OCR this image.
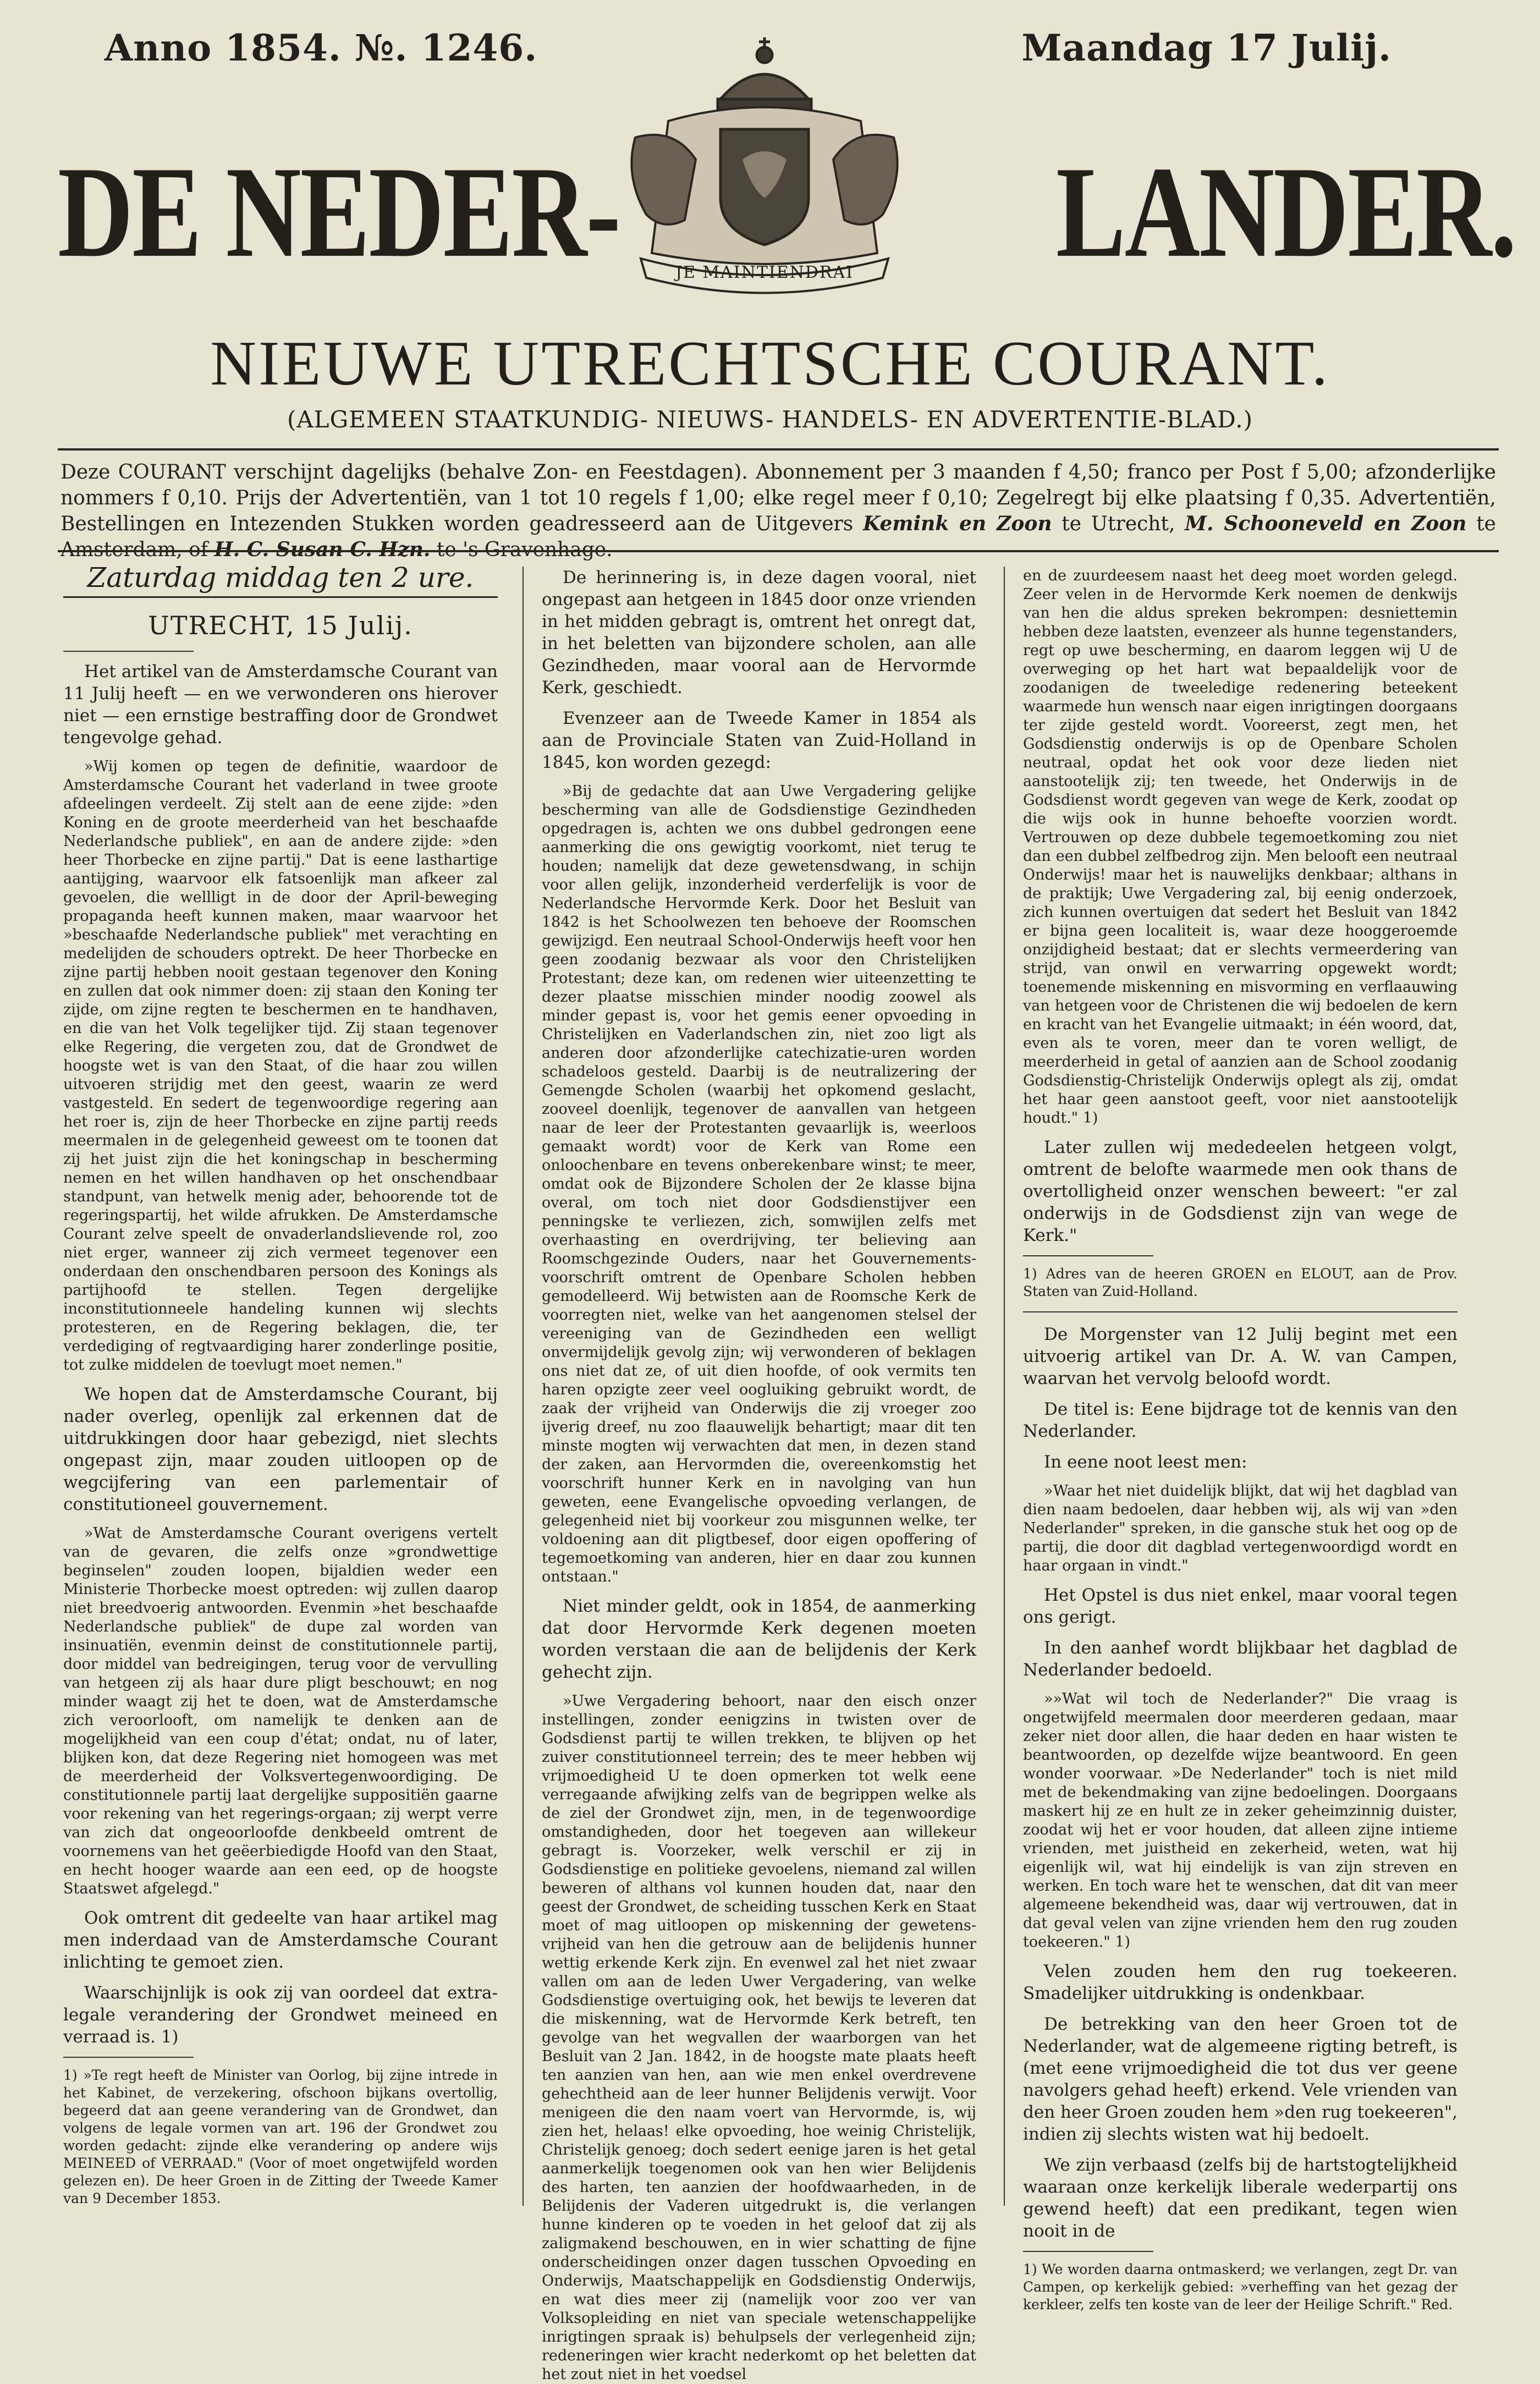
Anno 1854. №. 1246.	Maandag 17 Julij.
DE NEDER-	LANDER.
JE MAINTIENDRAI
NIEUWE UTRECHTSCHE COURANT.
(ALGEMEEN STAATKUNDIG- NIEUWS- HANDELS- EN ADVERTENTIE-BLAD.)
Deze COURANT verschijnt dagelijks (behalve Zon- en Feestdagen). Abonnement per 3 maanden f 4,50; franco per Post f 5,00; afzonderlijke nommers f 0,10. Prijs der Advertentiën, van 1 tot 10 regels f 1,00; elke regel meer f 0,10; Zegelregt bij elke plaatsing f 0,35. Advertentiën, Bestellingen en Intezenden Stukken worden geadresseerd aan de Uitgevers Kemink en Zoon te Utrecht, M. Schooneveld en Zoon te Amsterdam, of H. C. Susan C. Hzn. te 's Gravenhage.

Zaturdag middag ten 2 ure.

UTRECHT, 15 Julij.

Het artikel van de Amsterdamsche Courant van 11 Julij heeft — en we verwonderen ons hierover niet — een ernstige bestraffing door de Grondwet tengevolge gehad.

»Wij komen op tegen de definitie, waardoor de Amsterdamsche Courant het vaderland in twee groote afdeelingen verdeelt. Zij stelt aan de eene zijde: »den Koning en de groote meerderheid van het beschaafde Nederlandsche publiek", en aan de andere zijde: »den heer Thorbecke en zijne partij." Dat is eene lasthartige aantijging, waarvoor elk fatsoenlijk man afkeer zal gevoelen, die wellligt in de door der April-beweging propaganda heeft kunnen maken, maar waarvoor het »beschaafde Nederlandsche publiek" met verachting en medelijden de schouders optrekt. De heer Thorbecke en zijne partij hebben nooit gestaan tegenover den Koning en zullen dat ook nimmer doen: zij staan den Koning ter zijde, om zijne regten te beschermen en te handhaven, en die van het Volk tegelijker tijd. Zij staan tegenover elke Regering, die vergeten zou, dat de Grondwet de hoogste wet is van den Staat, of die haar zou willen uitvoeren strijdig met den geest, waarin ze werd vastgesteld. En sedert de tegenwoordige regering aan het roer is, zijn de heer Thorbecke en zijne partij reeds meermalen in de gelegenheid geweest om te toonen dat zij het juist zijn die het koningschap in bescherming nemen en het willen handhaven op het onschendbaar standpunt, van hetwelk menig ader, behoorende tot de regeringspartij, het wilde afrukken. De Amsterdamsche Courant zelve speelt de onvaderlandslievende rol, zoo niet erger, wanneer zij zich vermeet tegenover een onderdaan den onschendbaren persoon des Konings als partijhoofd te stellen. Tegen dergelijke inconstitutionneele handeling kunnen wij slechts protesteren, en de Regering beklagen, die, ter verdediging of regtvaardiging harer zonderlinge positie, tot zulke middelen de toevlugt moet nemen."

We hopen dat de Amsterdamsche Courant, bij nader overleg, openlijk zal erkennen dat de uitdrukkingen door haar gebezigd, niet slechts ongepast zijn, maar zouden uitloopen op de wegcijfering van een parlementair of constitutioneel gouvernement.

»Wat de Amsterdamsche Courant overigens vertelt van de gevaren, die zelfs onze »grondwettige beginselen" zouden loopen, bijaldien weder een Ministerie Thorbecke moest optreden: wij zullen daarop niet breedvoerig antwoorden. Evenmin »het beschaafde Nederlandsche publiek" de dupe zal worden van insinuatiën, evenmin deinst de constitutionnele partij, door middel van bedreigingen, terug voor de vervulling van hetgeen zij als haar dure pligt beschouwt; en nog minder waagt zij het te doen, wat de Amsterdamsche zich veroorlooft, om namelijk te denken aan de mogelijkheid van een coup d'état; ondat, nu of later, blijken kon, dat deze Regering niet homogeen was met de meerderheid der Volksvertegenwoordiging. De constitutionnele partij laat dergelijke suppositiën gaarne voor rekening van het regerings-orgaan; zij werpt verre van zich dat ongeoorloofde denkbeeld omtrent de voornemens van het geëerbiedigde Hoofd van den Staat, en hecht hooger waarde aan een eed, op de hoogste Staatswet afgelegd."

Ook omtrent dit gedeelte van haar artikel mag men inderdaad van de Amsterdamsche Courant inlichting te gemoet zien.

Waarschijnlijk is ook zij van oordeel dat extra-legale verandering der Grondwet meineed en verraad is. 1)

1) »Te regt heeft de Minister van Oorlog, bij zijne intrede in het Kabinet, de verzekering, ofschoon bijkans overtollig, begeerd dat aan geene verandering van de Grondwet, dan volgens de legale vormen van art. 196 der Grondwet zou worden gedacht: zijnde elke verandering op andere wijs MEINEED of VERRAAD." (Voor of moet ongetwijfeld worden gelezen en). De heer Groen in de Zitting der Tweede Kamer van 9 December 1853.

De herinnering is, in deze dagen vooral, niet ongepast aan hetgeen in 1845 door onze vrienden in het midden gebragt is, omtrent het onregt dat, in het beletten van bijzondere scholen, aan alle Gezindheden, maar vooral aan de Hervormde Kerk, geschiedt.

Evenzeer aan de Tweede Kamer in 1854 als aan de Provinciale Staten van Zuid-Holland in 1845, kon worden gezegd:

»Bij de gedachte dat aan Uwe Vergadering gelijke bescherming van alle de Godsdienstige Gezindheden opgedragen is, achten we ons dubbel gedrongen eene aanmerking die ons gewigtig voorkomt, niet terug te houden; namelijk dat deze gewetensdwang, in schijn voor allen gelijk, inzonderheid verderfelijk is voor de Nederlandsche Hervormde Kerk. Door het Besluit van 1842 is het Schoolwezen ten behoeve der Roomschen gewijzigd. Een neutraal School-Onderwijs heeft voor hen geen zoodanig bezwaar als voor den Christelijken Protestant; deze kan, om redenen wier uiteenzetting te dezer plaatse misschien minder noodig zoowel als minder gepast is, voor het gemis eener opvoeding in Christelijken en Vaderlandschen zin, niet zoo ligt als anderen door afzonderlijke catechizatie-uren worden schadeloos gesteld. Daarbij is de neutralizering der Gemengde Scholen (waarbij het opkomend geslacht, zooveel doenlijk, tegenover de aanvallen van hetgeen naar de leer der Protestanten gevaarlijk is, weerloos gemaakt wordt) voor de Kerk van Rome een onloochenbare en tevens onberekenbare winst; te meer, omdat ook de Bijzondere Scholen der 2e klasse bijna overal, om toch niet door Godsdienstijver een penningske te verliezen, zich, somwijlen zelfs met overhaasting en overdrijving, ter believing aan Roomschgezinde Ouders, naar het Gouvernements-voorschrift omtrent de Openbare Scholen hebben gemodelleerd. Wij betwisten aan de Roomsche Kerk de voorregten niet, welke van het aangenomen stelsel der vereeniging van de Gezindheden een welligt onvermijdelijk gevolg zijn; wij verwonderen of beklagen ons niet dat ze, of uit dien hoofde, of ook vermits ten haren opzigte zeer veel oogluiking gebruikt wordt, de zaak der vrijheid van Onderwijs die zij vroeger zoo ijverig dreef, nu zoo flaauwelijk behartigt; maar dit ten minste mogten wij verwachten dat men, in dezen stand der zaken, aan Hervormden die, overeenkomstig het voorschrift hunner Kerk en in navolging van hun geweten, eene Evangelische opvoeding verlangen, de gelegenheid niet bij voorkeur zou misgunnen welke, ter voldoening aan dit pligtbesef, door eigen opoffering of tegemoetkoming van anderen, hier en daar zou kunnen ontstaan."

Niet minder geldt, ook in 1854, de aanmerking dat door Hervormde Kerk degenen moeten worden verstaan die aan de belijdenis der Kerk gehecht zijn.

»Uwe Vergadering behoort, naar den eisch onzer instellingen, zonder eenigzins in twisten over de Godsdienst partij te willen trekken, te blijven op het zuiver constitutionneel terrein; des te meer hebben wij vrijmoedigheid U te doen opmerken tot welk eene verregaande afwijking zelfs van de begrippen welke als de ziel der Grondwet zijn, men, in de tegenwoordige omstandigheden, door het toegeven aan willekeur gebragt is. Voorzeker, welk verschil er zij in Godsdienstige en politieke gevoelens, niemand zal willen beweren of althans vol kunnen houden dat, naar den geest der Grondwet, de scheiding tusschen Kerk en Staat moet of mag uitloopen op miskenning der gewetens-vrijheid van hen die getrouw aan de belijdenis hunner wettig erkende Kerk zijn. En evenwel zal het niet zwaar vallen om aan de leden Uwer Vergadering, van welke Godsdienstige overtuiging ook, het bewijs te leveren dat die miskenning, wat de Hervormde Kerk betreft, ten gevolge van het wegvallen der waarborgen van het Besluit van 2 Jan. 1842, in de hoogste mate plaats heeft ten aanzien van hen, aan wie men enkel overdrevene gehechtheid aan de leer hunner Belijdenis verwijt. Voor menigeen die den naam voert van Hervormde, is, wij zien het, helaas! elke opvoeding, hoe weinig Christelijk, Christelijk genoeg; doch sedert eenige jaren is het getal aanmerkelijk toegenomen ook van hen wier Belijdenis des harten, ten aanzien der hoofdwaarheden, in de Belijdenis der Vaderen uitgedrukt is, die verlangen hunne kinderen op te voeden in het geloof dat zij als zaligmakend beschouwen, en in wier schatting de fijne onderscheidingen onzer dagen tusschen Opvoeding en Onderwijs, Maatschappelijk en Godsdienstig Onderwijs, en wat dies meer zij (namelijk voor zoo ver van Volksopleiding en niet van speciale wetenschappelijke inrigtingen spraak is) behulpsels der verlegenheid zijn; redeneringen wier kracht nederkomt op het beletten dat het zout niet in het voedsel

en de zuurdeesem naast het deeg moet worden gelegd. Zeer velen in de Hervormde Kerk noemen de denkwijs van hen die aldus spreken bekrompen: desniettemin hebben deze laatsten, evenzeer als hunne tegenstanders, regt op uwe bescherming, en daarom leggen wij U de overweging op het hart wat bepaaldelijk voor de zoodanigen de tweeledige redenering beteekent waarmede hun wensch naar eigen inrigtingen doorgaans ter zijde gesteld wordt. Vooreerst, zegt men, het Godsdienstig onderwijs is op de Openbare Scholen neutraal, opdat het ook voor deze lieden niet aanstootelijk zij; ten tweede, het Onderwijs in de Godsdienst wordt gegeven van wege de Kerk, zoodat op die wijs ook in hunne behoefte voorzien wordt. Vertrouwen op deze dubbele tegemoetkoming zou niet dan een dubbel zelfbedrog zijn. Men belooft een neutraal Onderwijs! maar het is nauwelijks denkbaar; althans in de praktijk; Uwe Vergadering zal, bij eenig onderzoek, zich kunnen overtuigen dat sedert het Besluit van 1842 er bijna geen localiteit is, waar deze hooggeroemde onzijdigheid bestaat; dat er slechts vermeerdering van strijd, van onwil en verwarring opgewekt wordt; toenemende miskenning en misvorming en verflaauwing van hetgeen voor de Christenen die wij bedoelen de kern en kracht van het Evangelie uitmaakt; in één woord, dat, even als te voren, meer dan te voren welligt, de meerderheid in getal of aanzien aan de School zoodanig Godsdienstig-Christelijk Onderwijs oplegt als zij, omdat het haar geen aanstoot geeft, voor niet aanstootelijk houdt." 1)

Later zullen wij mededeelen hetgeen volgt, omtrent de belofte waarmede men ook thans de overtolligheid onzer wenschen beweert: "er zal onderwijs in de Godsdienst zijn van wege de Kerk."

1) Adres van de heeren GROEN en ELOUT, aan de Prov. Staten van Zuid-Holland.

De Morgenster van 12 Julij begint met een uitvoerig artikel van Dr. A. W. van Campen, waarvan het vervolg beloofd wordt.

De titel is: Eene bijdrage tot de kennis van den Nederlander.

In eene noot leest men:

»Waar het niet duidelijk blijkt, dat wij het dagblad van dien naam bedoelen, daar hebben wij, als wij van »den Nederlander" spreken, in die gansche stuk het oog op de partij, die door dit dagblad vertegenwoordigd wordt en haar orgaan in vindt."

Het Opstel is dus niet enkel, maar vooral tegen ons gerigt.

In den aanhef wordt blijkbaar het dagblad de Nederlander bedoeld.

»»Wat wil toch de Nederlander?" Die vraag is ongetwijfeld meermalen door meerderen gedaan, maar zeker niet door allen, die haar deden en haar wisten te beantwoorden, op dezelfde wijze beantwoord. En geen wonder voorwaar. »De Nederlander" toch is niet mild met de bekendmaking van zijne bedoelingen. Doorgaans maskert hij ze en hult ze in zeker geheimzinnig duister, zoodat wij het er voor houden, dat alleen zijne intieme vrienden, met juistheid en zekerheid, weten, wat hij eigenlijk wil, wat hij eindelijk is van zijn streven en werken. En toch ware het te wenschen, dat dit van meer algemeene bekendheid was, daar wij vertrouwen, dat in dat geval velen van zijne vrienden hem den rug zouden toekeeren." 1)

Velen zouden hem den rug toekeeren. Smadelijker uitdrukking is ondenkbaar.

De betrekking van den heer Groen tot de Nederlander, wat de algemeene rigting betreft, is (met eene vrijmoedigheid die tot dus ver geene navolgers gehad heeft) erkend. Vele vrienden van den heer Groen zouden hem »den rug toekeeren", indien zij slechts wisten wat hij bedoelt.

We zijn verbaasd (zelfs bij de hartstogtelijkheid waaraan onze kerkelijk liberale wederpartij ons gewend heeft) dat een predikant, tegen wien nooit in de

1) We worden daarna ontmaskerd; we verlangen, zegt Dr. van Campen, op kerkelijk gebied: »verheffing van het gezag der kerkleer, zelfs ten koste van de leer der Heilige Schrift." Red.
